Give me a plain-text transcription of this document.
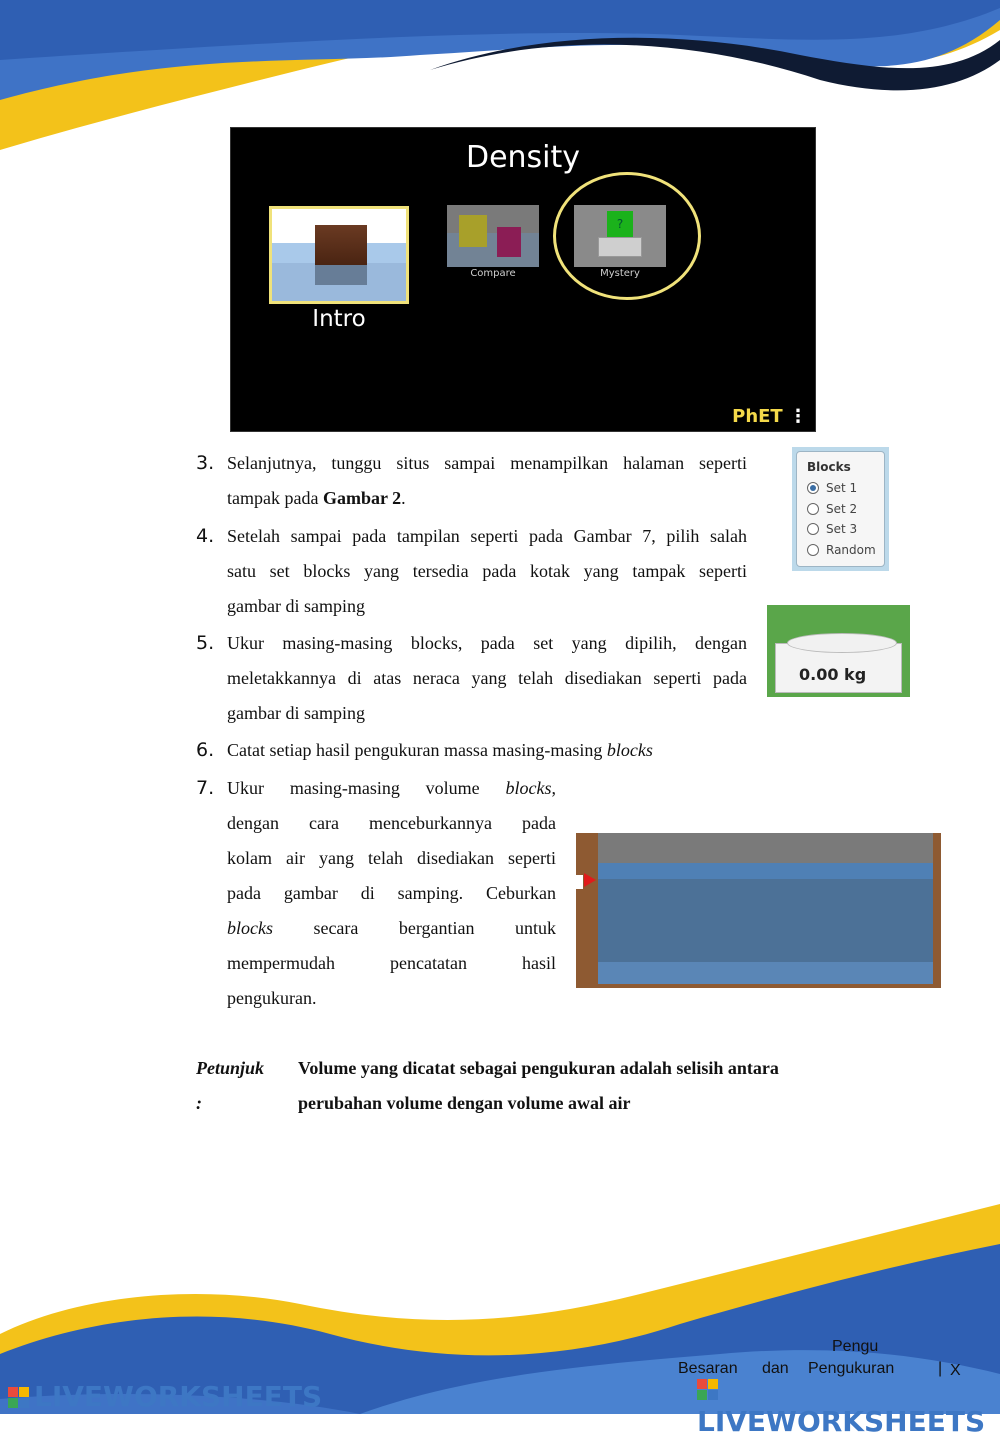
Density
Intro
Compare
?
Mystery
PhET ⋮
3. Selanjutnya, tunggu situs sampai menampilkan halaman seperti
tampak pada Gambar 2.
4. Setelah sampai pada tampilan seperti pada Gambar 7, pilih salah
satu set blocks yang tersedia pada kotak yang tampak seperti
gambar di samping
5. Ukur masing-masing blocks, pada set yang dipilih, dengan
meletakkannya di atas neraca yang telah disediakan seperti pada
gambar di samping
6. Catat setiap hasil pengukuran massa masing-masing blocks
7. Ukur masing-masing volume blocks,
dengan cara menceburkannya pada
kolam air yang telah disediakan seperti
pada gambar di samping. Ceburkan
blocks secara bergantian untuk
mempermudah pencatatan hasil
pengukuran.
Blocks
Set 1
Set 2
Set 3
Random
0.00 kg
Petunjuk :
Volume yang dicatat sebagai pengukuran adalah selisih antara
perubahan volume dengan volume awal air
Pengu
Besaran dan Pengukuran	| X
LIVEWORKSHEETS
LIVEWORKSHEETS
